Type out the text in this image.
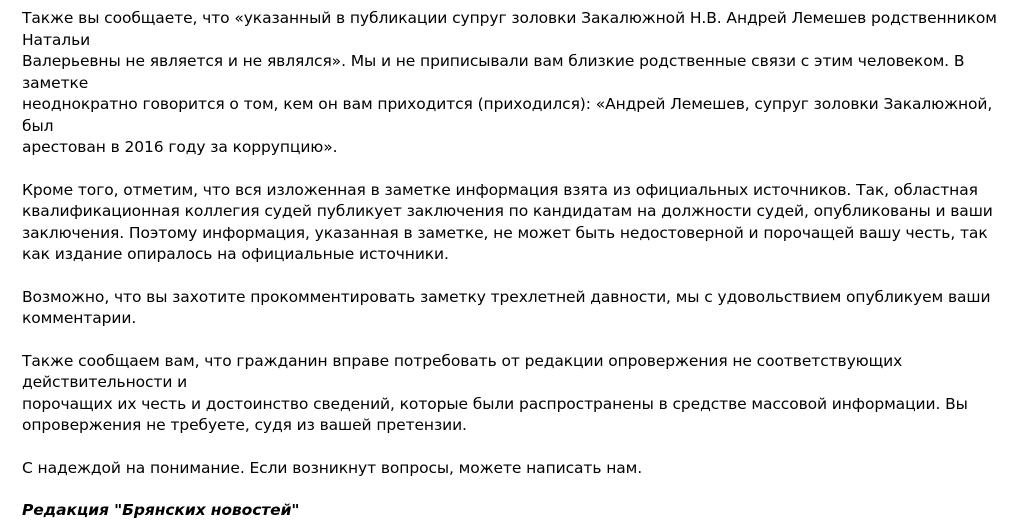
Также вы сообщаете, что «указанный в публикации супруг золовки Закалюжной Н.В. Андрей Лемешев родственником Натальи
Валерьевны не является и не являлся». Мы и не приписывали вам близкие родственные связи с этим человеком. В заметке
неоднократно говорится о том, кем он вам приходится (приходился): «Андрей Лемешев, супруг золовки Закалюжной, был
арестован в 2016 году за коррупцию».

Кроме того, отметим, что вся изложенная в заметке информация взята из официальных источников. Так, областная
квалификационная коллегия судей публикует заключения по кандидатам на должности судей, опубликованы и ваши
заключения. Поэтому информация, указанная в заметке, не может быть недостоверной и порочащей вашу честь, так
как издание опиралось на официальные источники.

Возможно, что вы захотите прокомментировать заметку трехлетней давности, мы с удовольствием опубликуем ваши
комментарии.

Также сообщаем вам, что гражданин вправе потребовать от редакции опровержения не соответствующих действительности и
порочащих их честь и достоинство сведений, которые были распространены в средстве массовой информации. Вы
опровержения не требуете, судя из вашей претензии.

С надеждой на понимание. Если возникнут вопросы, можете написать нам.

Редакция "Брянских новостей"
